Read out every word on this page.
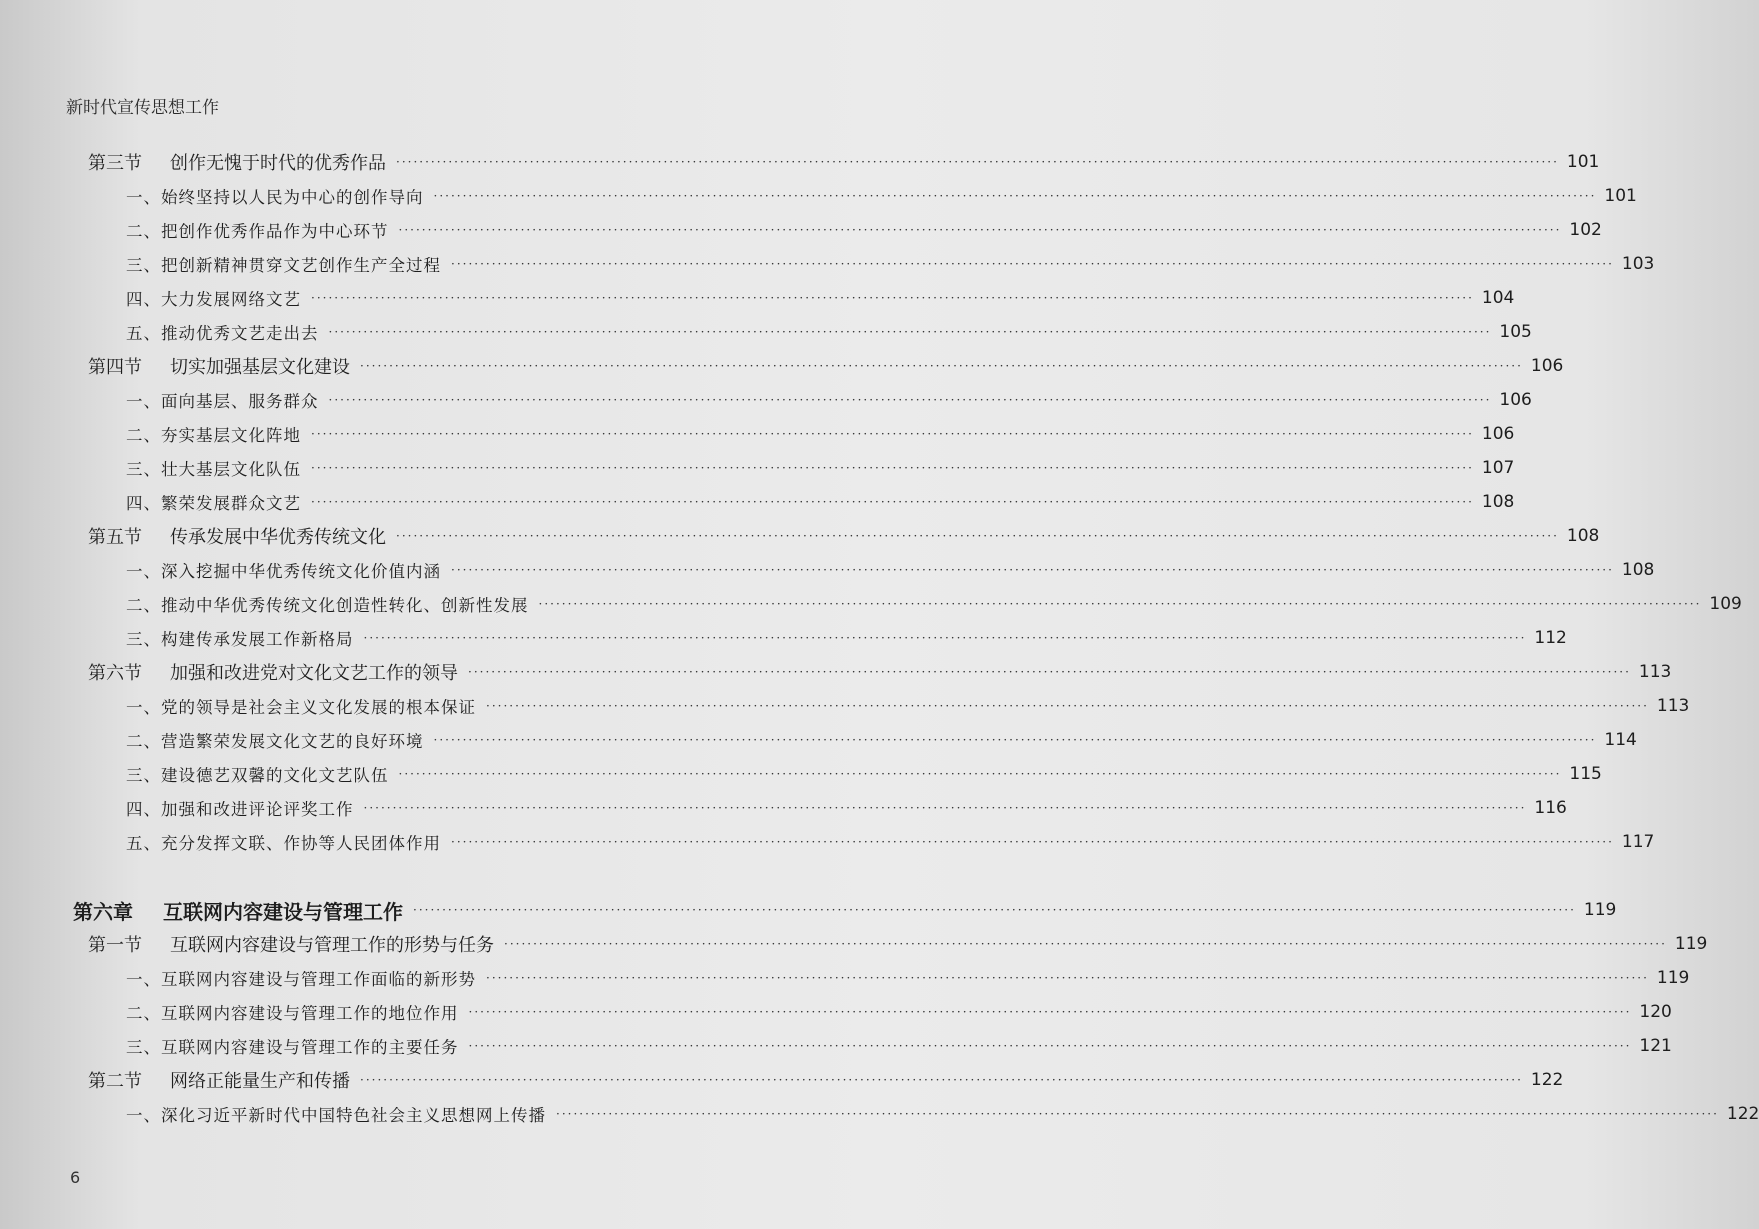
新时代宣传思想工作
第三节 创作无愧于时代的优秀作品 ········································································································································································································ 101
一、始终坚持以人民为中心的创作导向 ········································································································································································································ 101
二、把创作优秀作品作为中心环节 ········································································································································································································ 102
三、把创新精神贯穿文艺创作生产全过程 ········································································································································································································ 103
四、大力发展网络文艺 ········································································································································································································ 104
五、推动优秀文艺走出去 ········································································································································································································ 105
第四节 切实加强基层文化建设 ········································································································································································································ 106
一、面向基层、服务群众 ········································································································································································································ 106
二、夯实基层文化阵地 ········································································································································································································ 106
三、壮大基层文化队伍 ········································································································································································································ 107
四、繁荣发展群众文艺 ········································································································································································································ 108
第五节 传承发展中华优秀传统文化 ········································································································································································································ 108
一、深入挖掘中华优秀传统文化价值内涵 ········································································································································································································ 108
二、推动中华优秀传统文化创造性转化、创新性发展 ········································································································································································································ 109
三、构建传承发展工作新格局 ········································································································································································································ 112
第六节 加强和改进党对文化文艺工作的领导 ········································································································································································································ 113
一、党的领导是社会主义文化发展的根本保证 ········································································································································································································ 113
二、营造繁荣发展文化文艺的良好环境 ········································································································································································································ 114
三、建设德艺双馨的文化文艺队伍 ········································································································································································································ 115
四、加强和改进评论评奖工作 ········································································································································································································ 116
五、充分发挥文联、作协等人民团体作用 ········································································································································································································ 117
第六章 互联网内容建设与管理工作 ········································································································································································································ 119
第一节 互联网内容建设与管理工作的形势与任务 ········································································································································································································ 119
一、互联网内容建设与管理工作面临的新形势 ········································································································································································································ 119
二、互联网内容建设与管理工作的地位作用 ········································································································································································································ 120
三、互联网内容建设与管理工作的主要任务 ········································································································································································································ 121
第二节 网络正能量生产和传播 ········································································································································································································ 122
一、深化习近平新时代中国特色社会主义思想网上传播 ········································································································································································································ 122
6
